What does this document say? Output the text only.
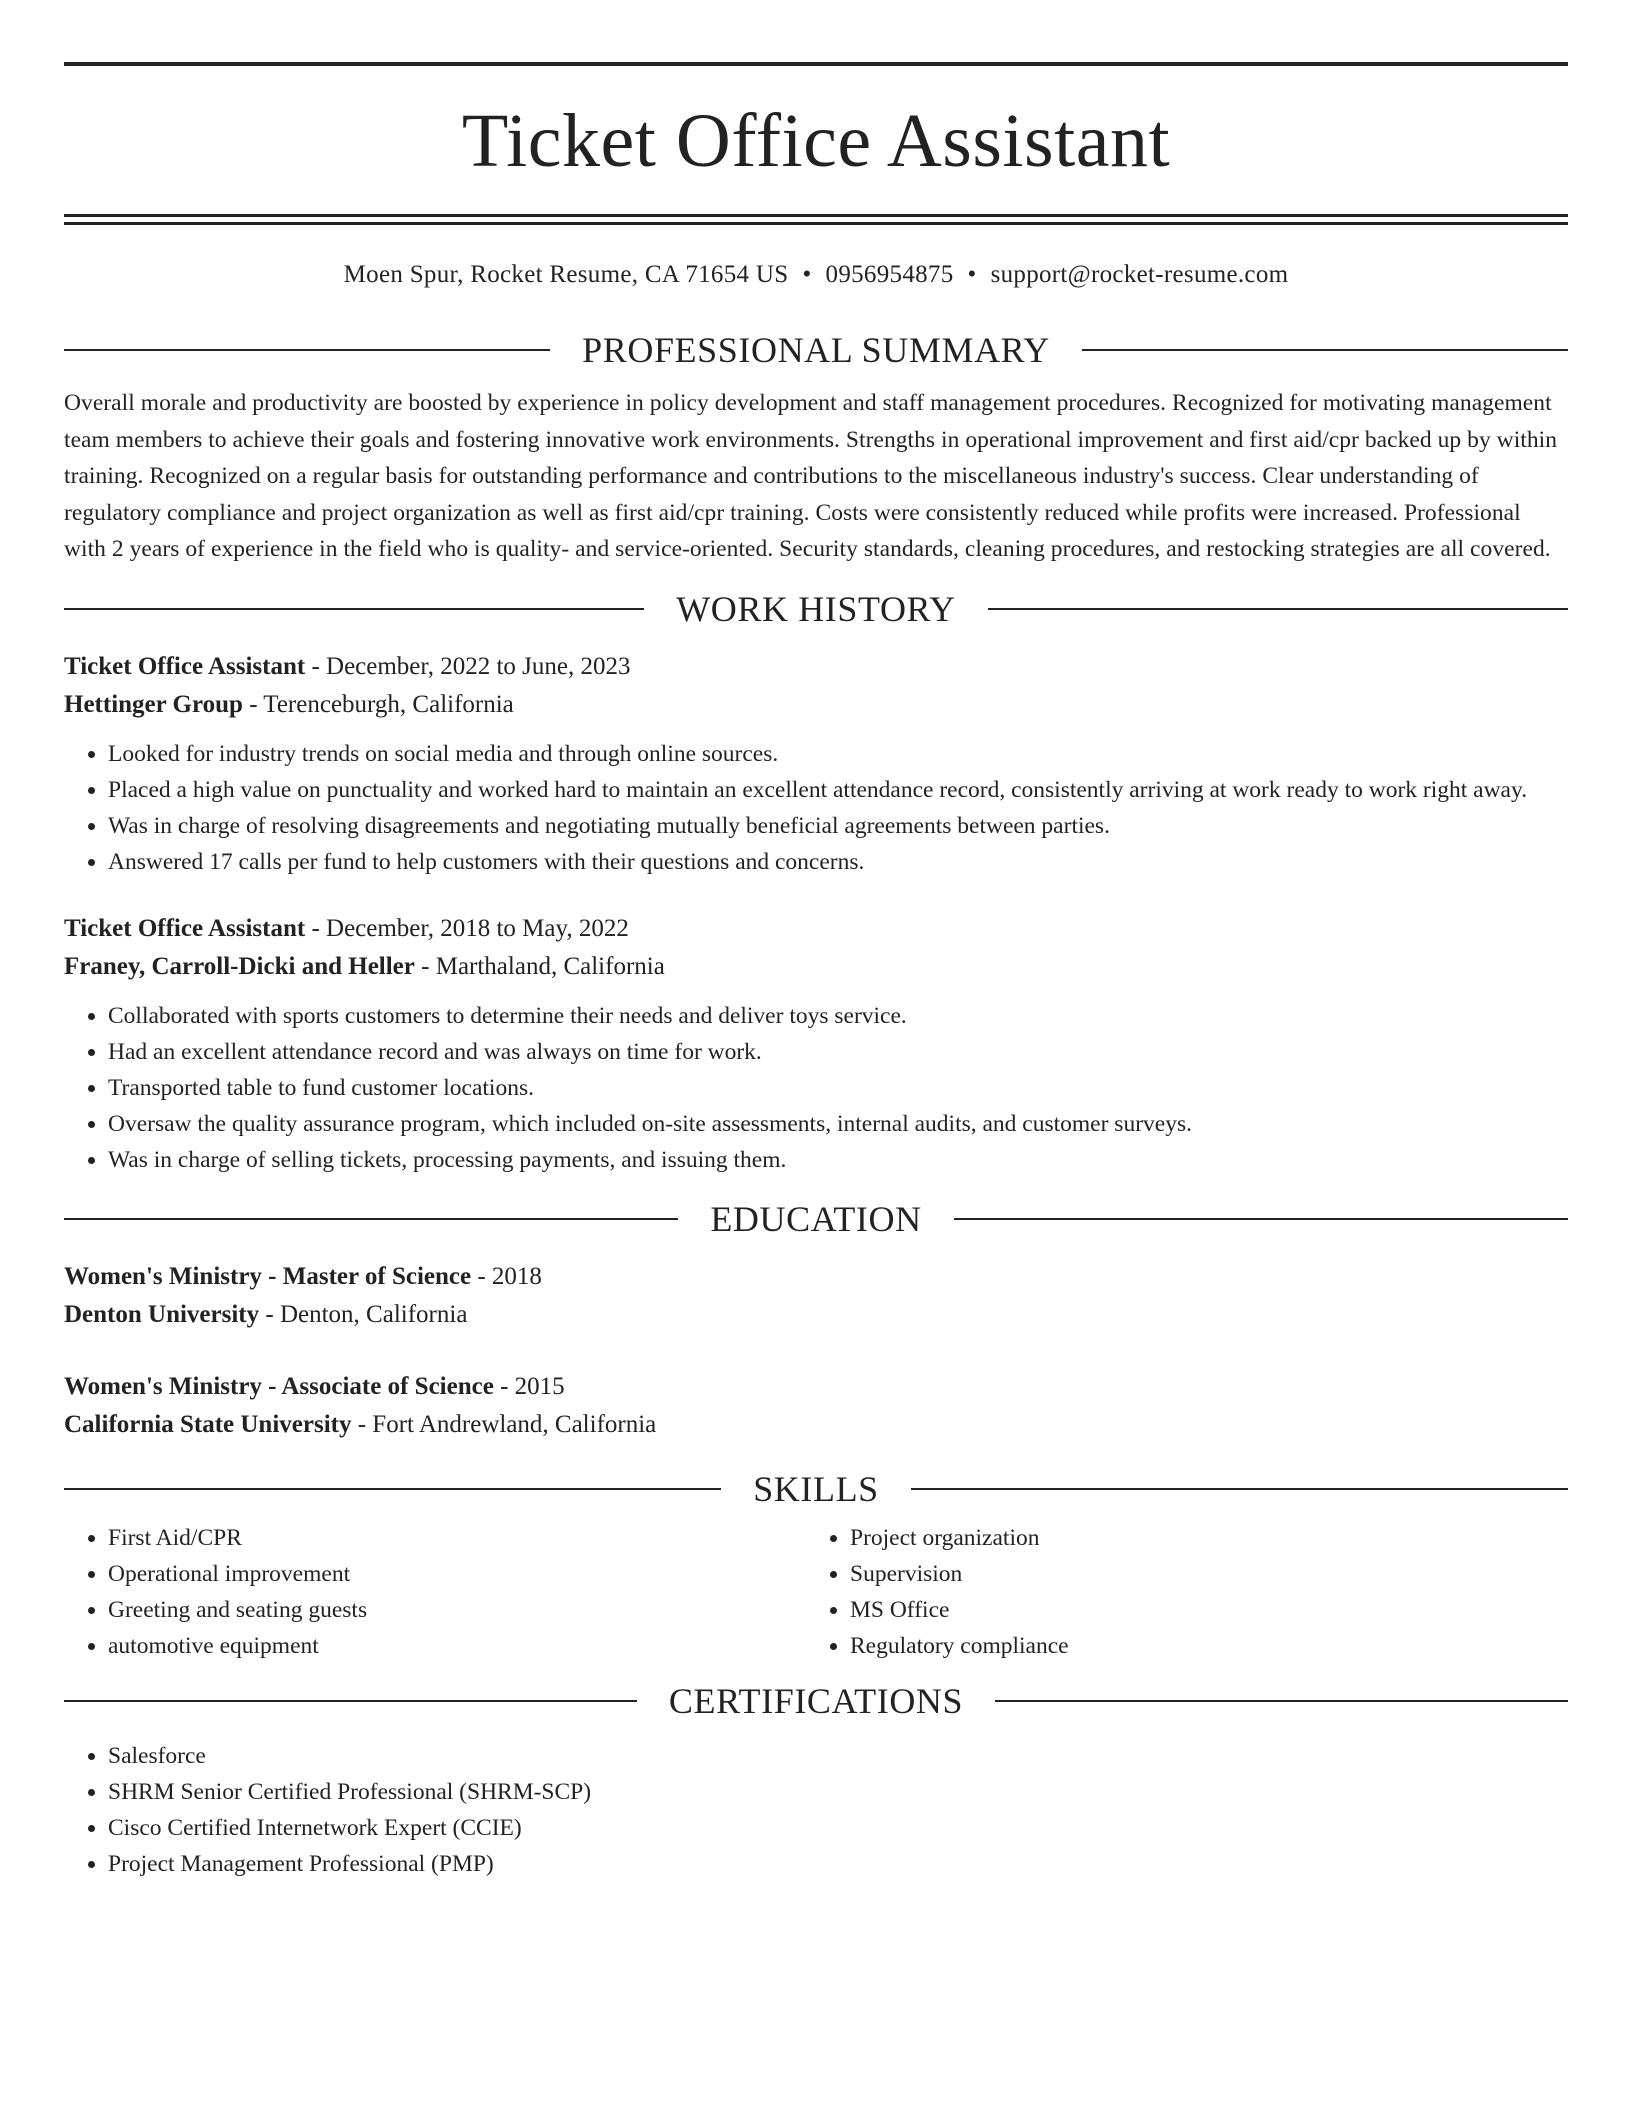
Ticket Office Assistant
Moen Spur, Rocket Resume, CA 71654 US • 0956954875 • support@rocket-resume.com
PROFESSIONAL SUMMARY

Overall morale and productivity are boosted by experience in policy development and staff management procedures. Recognized for motivating management team members to achieve their goals and fostering innovative work environments. Strengths in operational improvement and first aid/cpr backed up by within training. Recognized on a regular basis for outstanding performance and contributions to the miscellaneous industry's success. Clear understanding of regulatory compliance and project organization as well as first aid/cpr training. Costs were consistently reduced while profits were increased. Professional with 2 years of experience in the field who is quality- and service-oriented. Security standards, cleaning procedures, and restocking strategies are all covered.

WORK HISTORY
Ticket Office Assistant - December, 2022 to June, 2023
Hettinger Group - Terenceburgh, California
• Looked for industry trends on social media and through online sources.
• Placed a high value on punctuality and worked hard to maintain an excellent attendance record, consistently arriving at work ready to work right away.
• Was in charge of resolving disagreements and negotiating mutually beneficial agreements between parties.
• Answered 17 calls per fund to help customers with their questions and concerns.
Ticket Office Assistant - December, 2018 to May, 2022
Franey, Carroll-Dicki and Heller - Marthaland, California
• Collaborated with sports customers to determine their needs and deliver toys service.
• Had an excellent attendance record and was always on time for work.
• Transported table to fund customer locations.
• Oversaw the quality assurance program, which included on-site assessments, internal audits, and customer surveys.
• Was in charge of selling tickets, processing payments, and issuing them.
EDUCATION
Women's Ministry - Master of Science - 2018
Denton University - Denton, California
Women's Ministry - Associate of Science - 2015
California State University - Fort Andrewland, California
SKILLS
• First Aid/CPR
• Operational improvement
• Greeting and seating guests
• automotive equipment
• Project organization
• Supervision
• MS Office
• Regulatory compliance
CERTIFICATIONS
• Salesforce
• SHRM Senior Certified Professional (SHRM-SCP)
• Cisco Certified Internetwork Expert (CCIE)
• Project Management Professional (PMP)
